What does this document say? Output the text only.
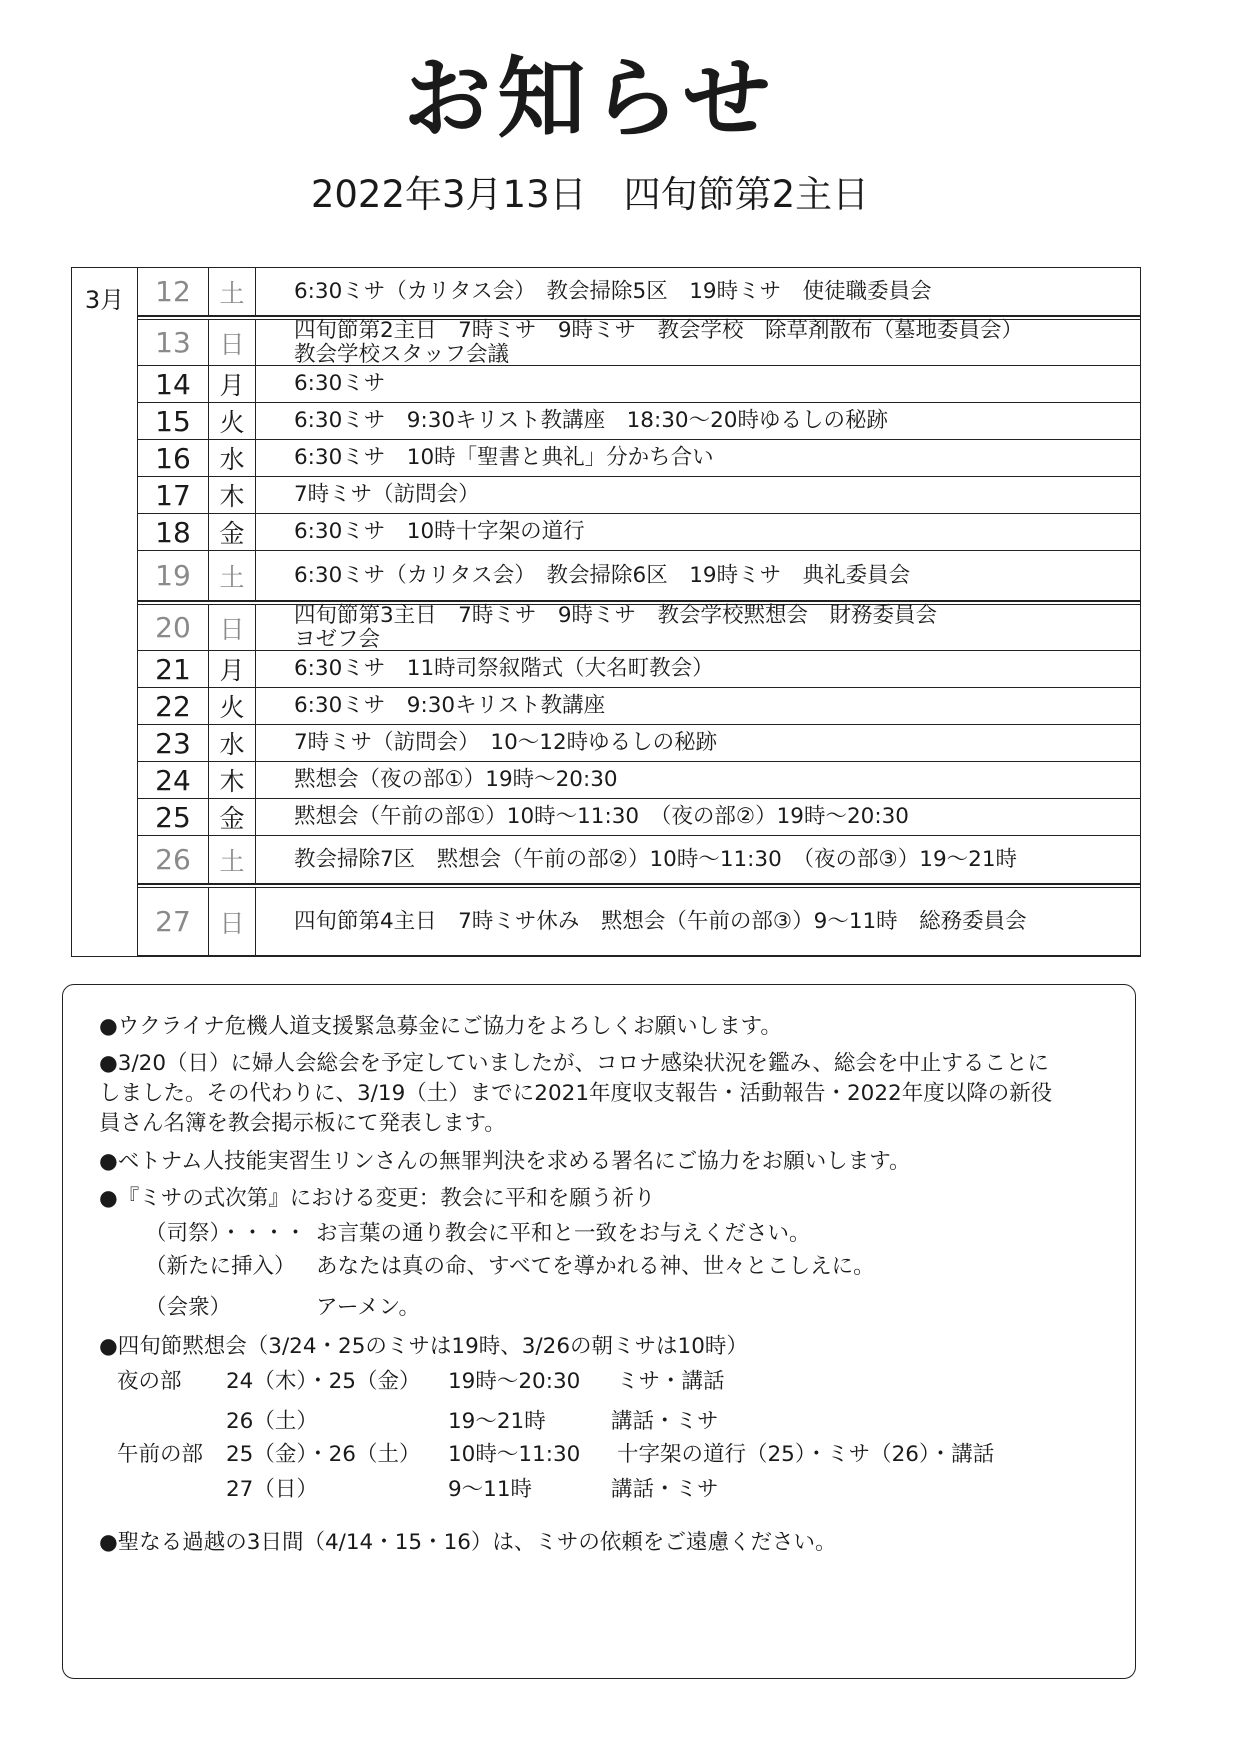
お知らせ
2022年3月13日　四旬節第2主日
3月	12	土	6:30ミサ（カリタス会）　教会掃除5区　19時ミサ　使徒職委員会
13	日	四旬節第2主日　7時ミサ　9時ミサ　教会学校　除草剤散布（墓地委員会）
教会学校スタッフ会議
14	月	6:30ミサ
15	火	6:30ミサ　9:30キリスト教講座　18:30～20時ゆるしの秘跡
16	水	6:30ミサ　10時「聖書と典礼」分かち合い
17	木	7時ミサ（訪問会）
18	金	6:30ミサ　10時十字架の道行
19	土	6:30ミサ（カリタス会）　教会掃除6区　19時ミサ　典礼委員会
20	日	四旬節第3主日　7時ミサ　9時ミサ　教会学校黙想会　財務委員会
ヨゼフ会
21	月	6:30ミサ　11時司祭叙階式（大名町教会）
22	火	6:30ミサ　9:30キリスト教講座
23	水	7時ミサ（訪問会）　10～12時ゆるしの秘跡
24	木	黙想会（夜の部①）19時～20:30
25	金	黙想会（午前の部①）10時～11:30　（夜の部②）19時～20:30
26	土	教会掃除7区　黙想会（午前の部②）10時～11:30　（夜の部③）19～21時
27	日	四旬節第4主日　7時ミサ休み　黙想会（午前の部③）9～11時　総務委員会
●ウクライナ危機人道支援緊急募金にご協力をよろしくお願いします。
●3/20（日）に婦人会総会を予定していましたが、コロナ感染状況を鑑み、総会を中止することに
しました。その代わりに、3/19（土）までに2021年度収支報告・活動報告・2022年度以降の新役
員さん名簿を教会掲示板にて発表します。
●ベトナム人技能実習生リンさんの無罪判決を求める署名にご協力をお願いします。
●『ミサの式次第』における変更：教会に平和を願う祈り
（司祭）・・・・ お言葉の通り教会に平和と一致をお与えください。
（新たに挿入） あなたは真の命、すべてを導かれる神、世々とこしえに。
（会衆）	アーメン。
●四旬節黙想会（3/24・25のミサは19時、3/26の朝ミサは10時）
夜の部 24（木）・25（金） 19時～20:30 ミサ・講話
26（土）	19～21時	講話・ミサ
午前の部 25（金）・26（土） 10時～11:30 十字架の道行（25）・ミサ（26）・講話
27（日）	9～11時	講話・ミサ
●聖なる過越の3日間（4/14・15・16）は、ミサの依頼をご遠慮ください。
